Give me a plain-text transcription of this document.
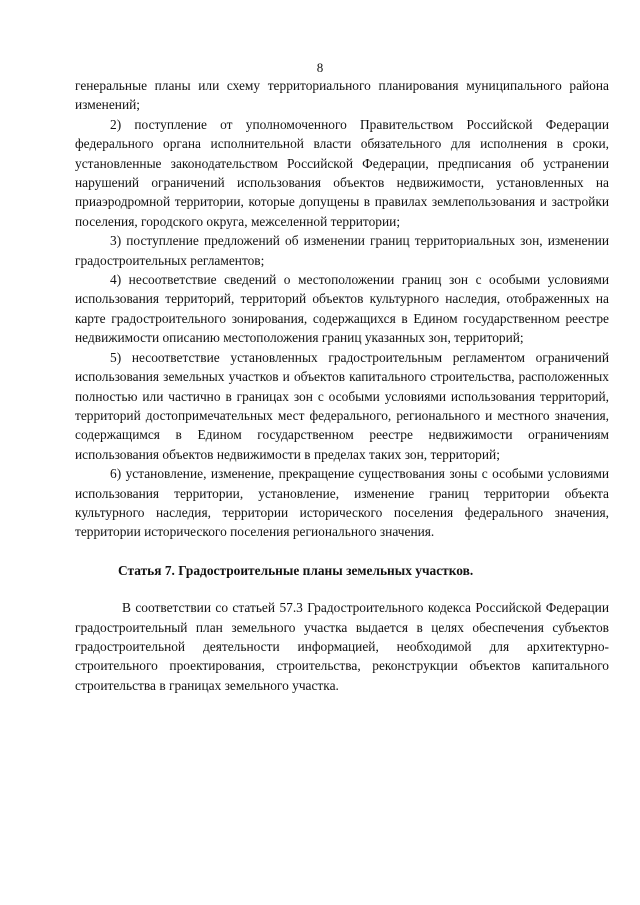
8

генеральные планы или схему территориального планирования муниципального района изменений;

2) поступление от уполномоченного Правительством Российской Федерации федерального органа исполнительной власти обязательного для исполнения в сроки, установленные законодательством Российской Федерации, предписания об устранении нарушений ограничений использования объектов недвижимости, установленных на приаэродромной территории, которые допущены в правилах землепользования и застройки поселения, городского округа, межселенной территории;

3) поступление предложений об изменении границ территориальных зон, изменении градостроительных регламентов;

4) несоответствие сведений о местоположении границ зон с особыми условиями использования территорий, территорий объектов культурного наследия, отображенных на карте градостроительного зонирования, содержащихся в Едином государственном реестре недвижимости описанию местоположения границ указанных зон, территорий;

5) несоответствие установленных градостроительным регламентом ограничений использования земельных участков и объектов капитального строительства, расположенных полностью или частично в границах зон с особыми условиями использования территорий, территорий достопримечательных мест федерального, регионального и местного значения, содержащимся в Едином государственном реестре недвижимости ограничениям использования объектов недвижимости в пределах таких зон, территорий;

6) установление, изменение, прекращение существования зоны с особыми условиями использования территории, установление, изменение границ территории объекта культурного наследия, территории исторического поселения федерального значения, территории исторического поселения регионального значения.

Статья 7. Градостроительные планы земельных участков.

В соответствии со статьей 57.3 Градостроительного кодекса Российской Федерации градостроительный план земельного участка выдается в целях обеспечения субъектов градостроительной деятельности информацией, необходимой для архитектурно-строительного проектирования, строительства, реконструкции объектов капитального строительства в границах земельного участка.
